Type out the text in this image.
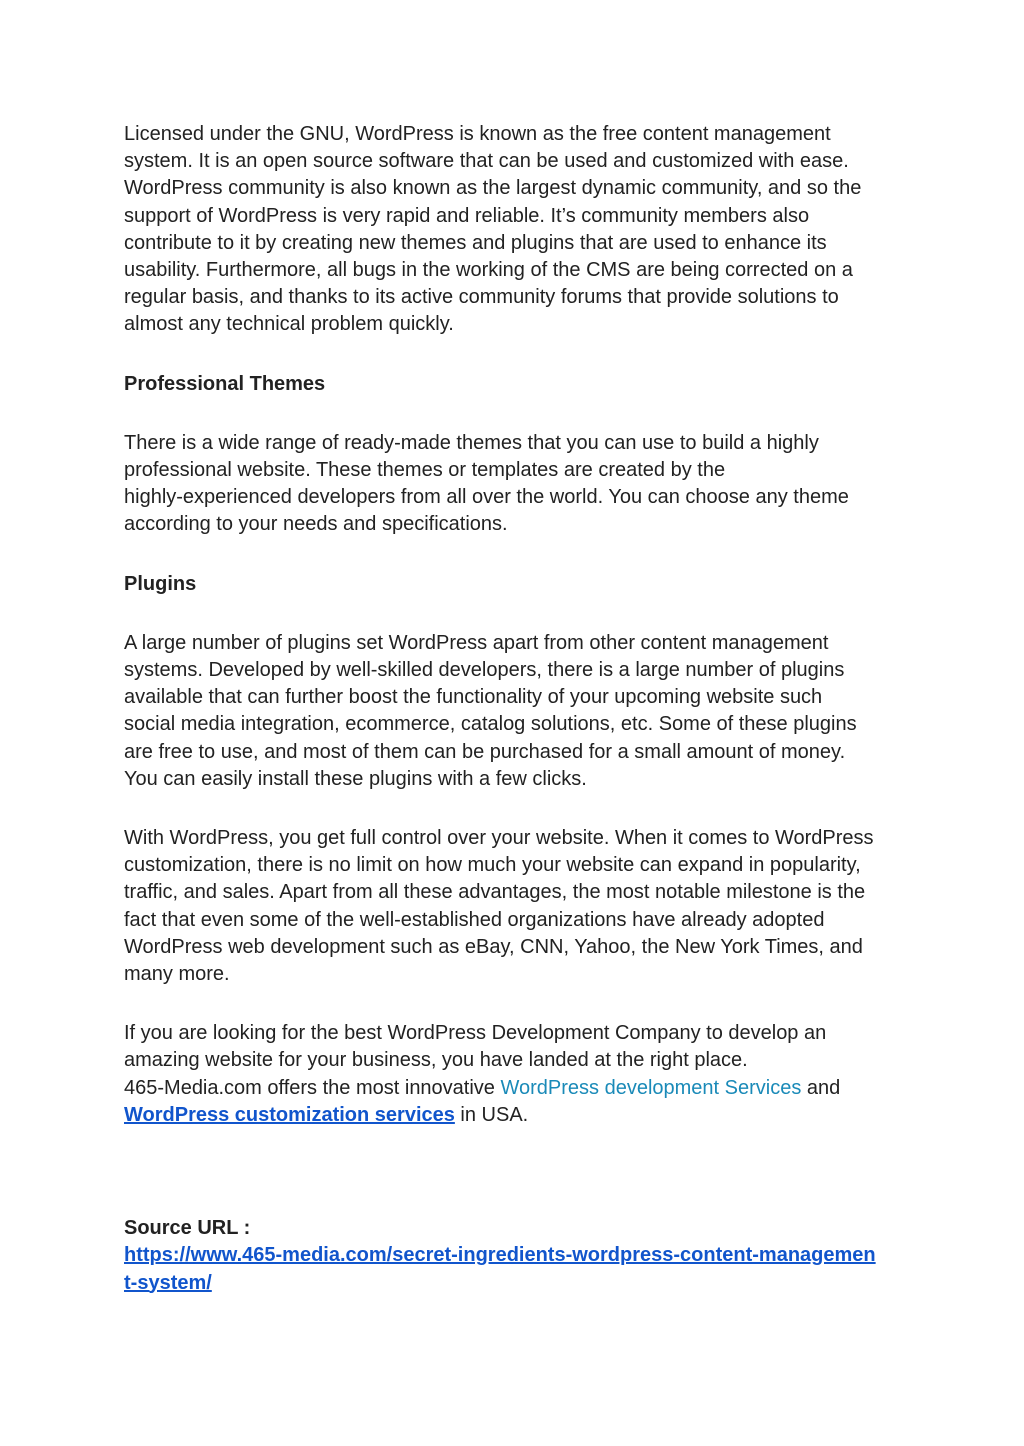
Licensed under the GNU, WordPress is known as the free content management
system. It is an open source software that can be used and customized with ease.
WordPress community is also known as the largest dynamic community, and so the
support of WordPress is very rapid and reliable. It’s community members also
contribute to it by creating new themes and plugins that are used to enhance its
usability. Furthermore, all bugs in the working of the CMS are being corrected on a
regular basis, and thanks to its active community forums that provide solutions to
almost any technical problem quickly.

Professional Themes

There is a wide range of ready-made themes that you can use to build a highly
professional website. These themes or templates are created by the
highly-experienced developers from all over the world. You can choose any theme
according to your needs and specifications.

Plugins

A large number of plugins set WordPress apart from other content management
systems. Developed by well-skilled developers, there is a large number of plugins
available that can further boost the functionality of your upcoming website such
social media integration, ecommerce, catalog solutions, etc. Some of these plugins
are free to use, and most of them can be purchased for a small amount of money.
You can easily install these plugins with a few clicks.

With WordPress, you get full control over your website. When it comes to WordPress
customization, there is no limit on how much your website can expand in popularity,
traffic, and sales. Apart from all these advantages, the most notable milestone is the
fact that even some of the well-established organizations have already adopted
WordPress web development such as eBay, CNN, Yahoo, the New York Times, and
many more.

If you are looking for the best WordPress Development Company to develop an
amazing website for your business, you have landed at the right place.
465-Media.com offers the most innovative WordPress development Services and
WordPress customization services in USA.

Source URL :

https://www.465-media.com/secret-ingredients-wordpress-content-managemen
t-system/
